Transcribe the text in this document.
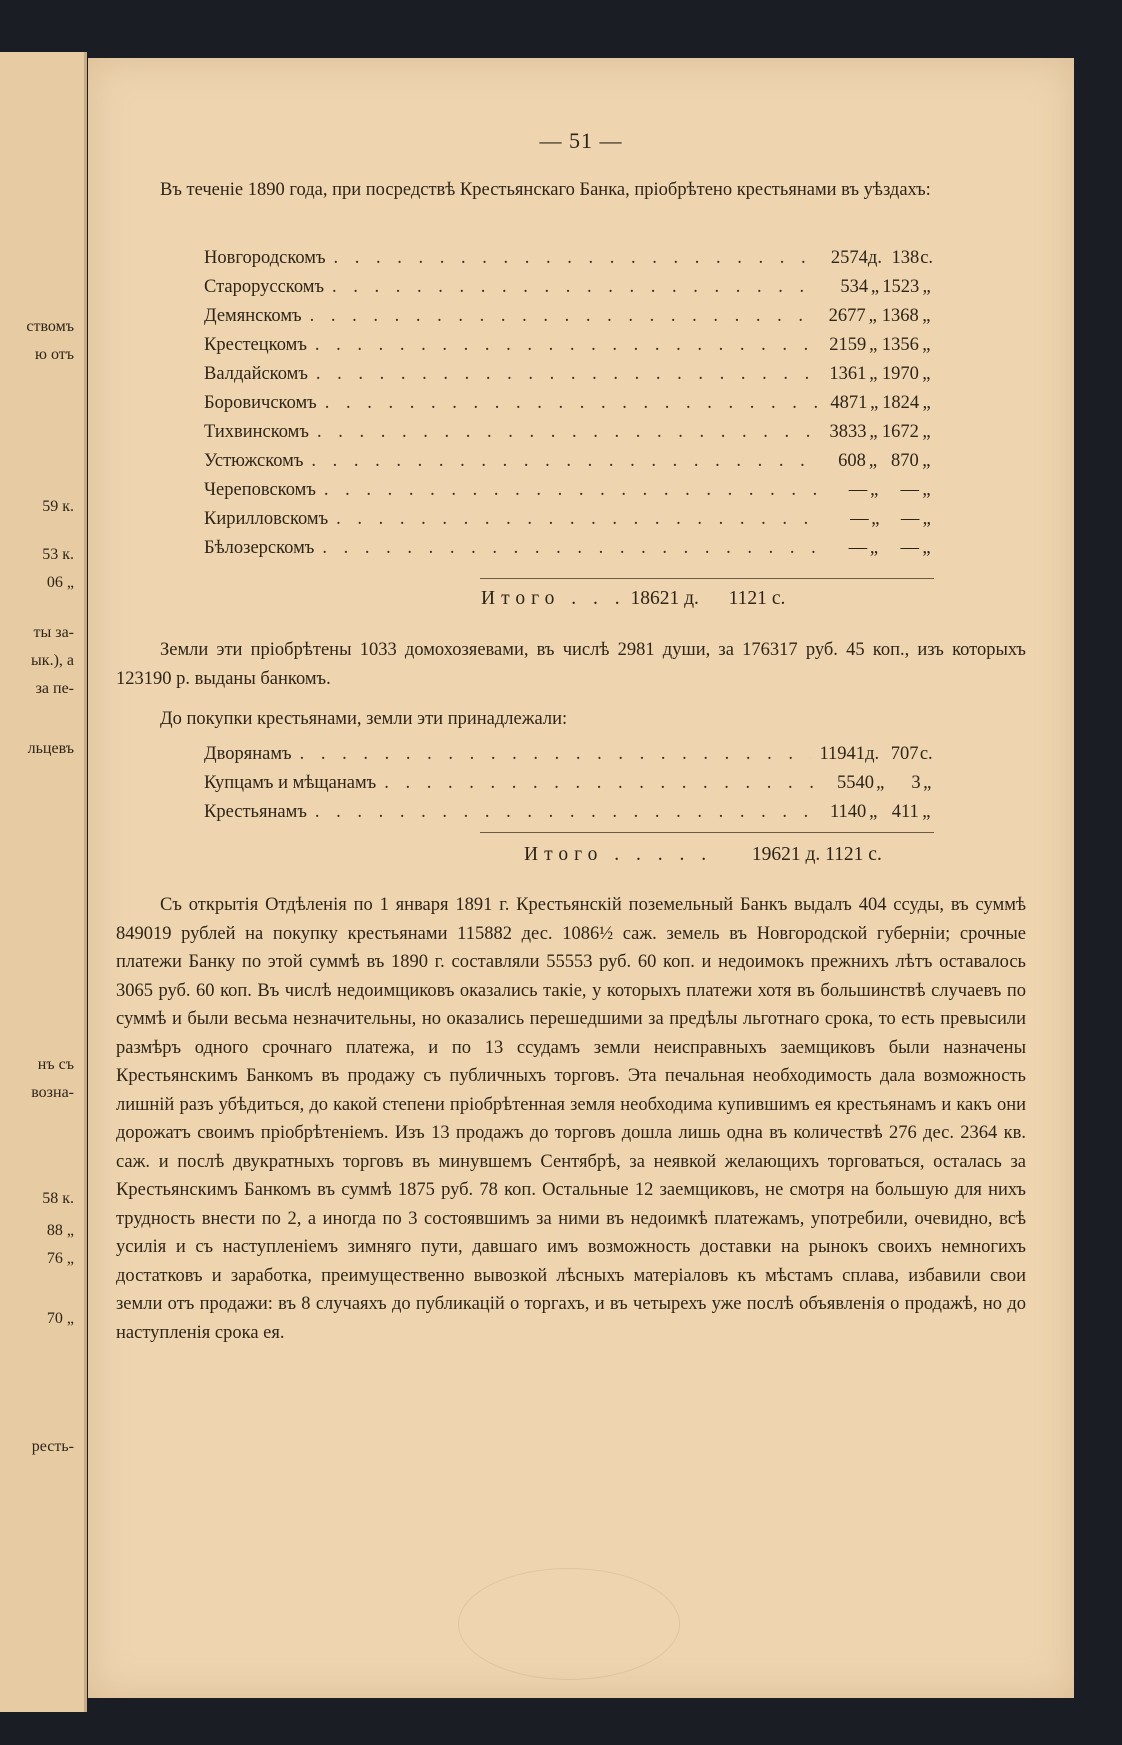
ствомъ
ю отъ
59 к.
53 к.
06 „
ты за-
ык.), а
за пе-
льцевъ
нъ съ
возна-
58 к.
88 „
76 „
70 „
ресть-
— 51 —
Въ теченіе 1890 года, при посредствѣ Крестьянскаго Банка, пріобрѣтено крестьянами въ уѣздахъ:
Новгородскомъ . . .	2574 д. 138 с.
Старорусскомъ . . .	534 „ 1523 „
Демянскомъ . . .	2677 „ 1368 „
Крестецкомъ . . .	2159 „ 1356 „
Валдайскомъ . . .	1361 „ 1970 „
Боровичскомъ . . .	4871 „ 1824 „
Тихвинскомъ . . .	3833 „ 1672 „
Устюжскомъ . . .	608 „ 870 „
Череповскомъ . . .	— „	— „
Кирилловскомъ . . .	— „	— „
Бѣлозерскомъ . . .	— „	— „
Итого . . . 18621 д. 1121 с.
Земли эти пріобрѣтены 1033 домохозяевами, въ числѣ 2981 души, за 176317 руб. 45 коп., изъ которыхъ 123190 р. выданы банкомъ.
До покупки крестьянами, земли эти принадлежали:
Дворянамъ . . .	11941 д. 707 с.
Купцамъ и мѣщанамъ . . .	5540 „	3 „
Крестьянамъ . . .	1140 „ 411 „
Итого . . . . . 19621 д. 1121 с.
Съ открытія Отдѣленія по 1 января 1891 г. Крестьянскій поземельный Банкъ выдалъ 404 ссуды, въ суммѣ 849019 рублей на покупку крестьянами 115882 дес. 1086½ саж. земель въ Новгородской губерніи; срочные платежи Банку по этой суммѣ въ 1890 г. составляли 55553 руб. 60 коп. и недоимокъ прежнихъ лѣтъ оставалось 3065 руб. 60 коп. Въ числѣ недоимщиковъ оказались такіе, у которыхъ платежи хотя въ большинствѣ случаевъ по суммѣ и были весьма незначительны, но оказались перешедшими за предѣлы льготнаго срока, то есть превысили размѣръ одного срочнаго платежа, и по 13 ссудамъ земли неисправныхъ заемщиковъ были назначены Крестьянскимъ Банкомъ въ продажу съ публичныхъ торговъ. Эта печальная необходимость дала возможность лишній разъ убѣдиться, до какой степени пріобрѣтенная земля необходима купившимъ ея крестьянамъ и какъ они дорожатъ своимъ пріобрѣтеніемъ. Изъ 13 продажъ до торговъ дошла лишь одна въ количествѣ 276 дес. 2364 кв. саж. и послѣ двукратныхъ торговъ въ минувшемъ Сентябрѣ, за неявкой желающихъ торговаться, осталась за Крестьянскимъ Банкомъ въ суммѣ 1875 руб. 78 коп. Остальные 12 заемщиковъ, не смотря на большую для нихъ трудность внести по 2, а иногда по 3 состоявшимъ за ними въ недоимкѣ платежамъ, употребили, очевидно, всѣ усилія и съ наступленіемъ зимняго пути, давшаго имъ возможность доставки на рынокъ своихъ немногихъ достатковъ и заработка, преимущественно вывозкой лѣсныхъ матеріаловъ къ мѣстамъ сплава, избавили свои земли отъ продажи: въ 8 случаяхъ до публикацій о торгахъ, и въ четырехъ уже послѣ объявленія о продажѣ, но до наступленія срока ея.
